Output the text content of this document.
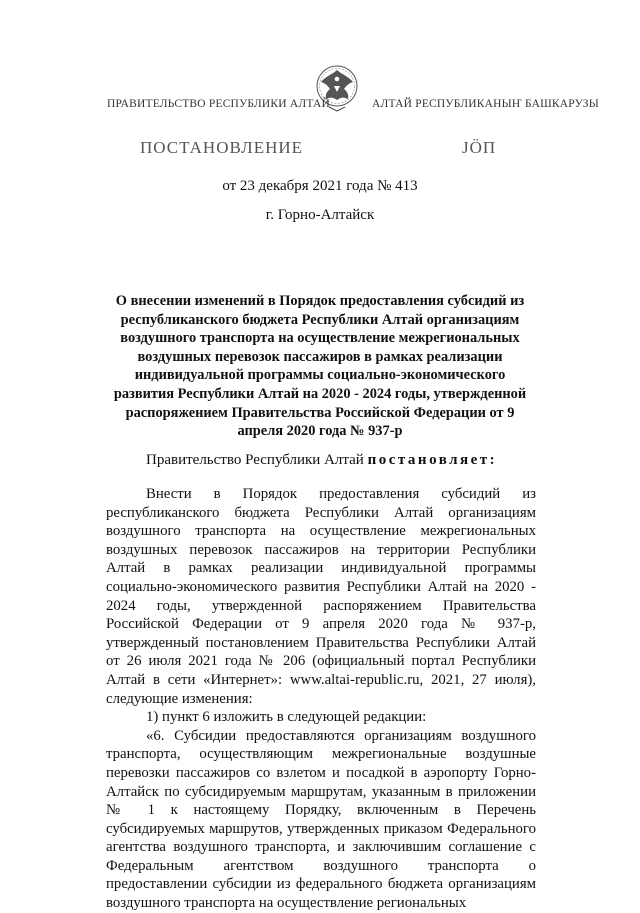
ПРАВИТЕЛЬСТВО РЕСПУБЛИКИ АЛТАЙ	АЛТАЙ РЕСПУБЛИКАНЫҤ БАШКАРУЗЫ
ПОСТАНОВЛЕНИЕ	JÖП
от 23 декабря 2021 года № 413
г. Горно-Алтайск
О внесении изменений в Порядок предоставления субсидий из республиканского бюджета Республики Алтай организациям воздушного транспорта на осуществление межрегиональных воздушных перевозок пассажиров в рамках реализации индивидуальной программы социально-экономического развития Республики Алтай на 2020 - 2024 годы, утвержденной распоряжением Правительства Российской Федерации от 9 апреля 2020 года № 937-р
Правительство Республики Алтай постановляет:

Внести в Порядок предоставления субсидий из республиканского бюджета Республики Алтай организациям воздушного транспорта на осуществление межрегиональных воздушных перевозок пассажиров на территории Республики Алтай в рамках реализации индивидуальной программы социально-экономического развития Республики Алтай на 2020 - 2024 годы, утвержденной распоряжением Правительства Российской Федерации от 9 апреля 2020 года № 937-р, утвержденный постановлением Правительства Республики Алтай от 26 июля 2021 года № 206 (официальный портал Республики Алтай в сети «Интернет»: www.altai-republic.ru, 2021, 27 июля), следующие изменения:

1) пункт 6 изложить в следующей редакции:

«6. Субсидии предоставляются организациям воздушного транспорта, осуществляющим межрегиональные воздушные перевозки пассажиров со взлетом и посадкой в аэропорту Горно-Алтайск по субсидируемым маршрутам, указанным в приложении № 1 к настоящему Порядку, включенным в Перечень субсидируемых маршрутов, утвержденных приказом Федерального агентства воздушного транспорта, и заключившим соглашение с Федеральным агентством воздушного транспорта о предоставлении субсидии из федерального бюджета организациям воздушного транспорта на осуществление региональных
